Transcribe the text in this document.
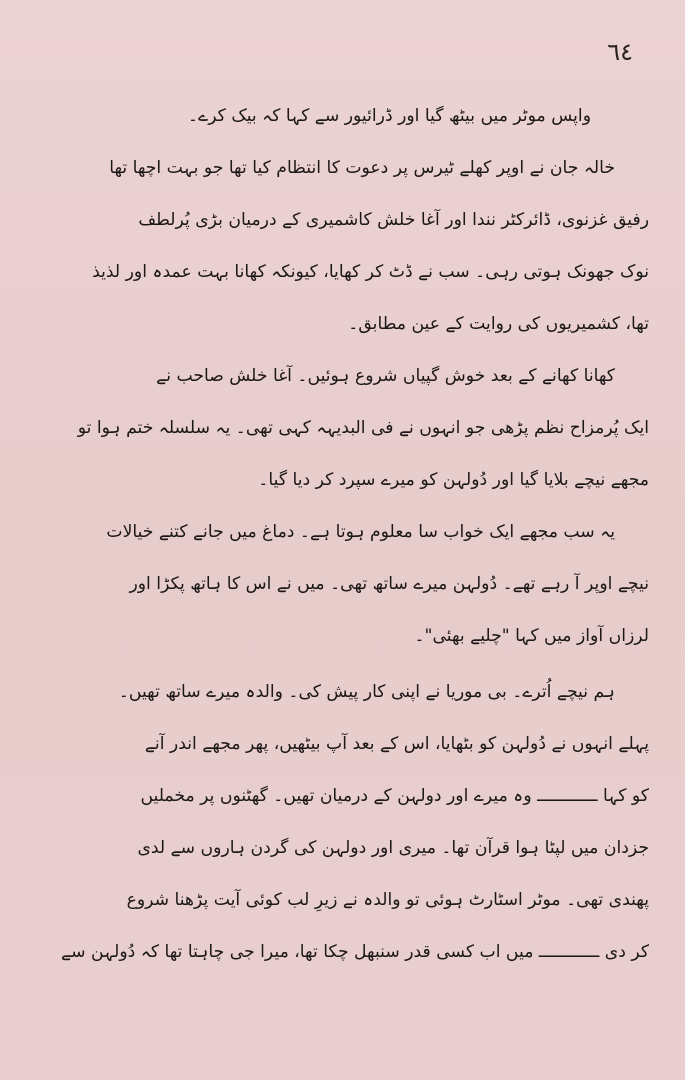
٦٤
واپس موٹر میں بیٹھ گیا اور ڈرائیور سے کہا کہ بیک کرے۔
خالہ جان نے اوپر کھلے ٹیرس پر دعوت کا انتظام کیا تھا جو بہت اچھا تھا
رفیق غزنوی، ڈائرکٹر نندا اور آغا خلش کاشمیری کے درمیان بڑی پُرلطف
نوک جھونک ہوتی رہی۔ سب نے ڈٹ کر کھایا، کیونکہ کھانا بہت عمدہ اور لذیذ
تھا، کشمیریوں کی روایت کے عین مطابق۔
کھانا کھانے کے بعد خوش گپیاں شروع ہوئیں۔ آغا خلش صاحب نے
ایک پُرمزاح نظم پڑھی جو انہوں نے فی البدیہہ کہی تھی۔ یہ سلسلہ ختم ہوا تو
مجھے نیچے بلایا گیا اور دُولہن کو میرے سپرد کر دیا گیا۔
یہ سب مجھے ایک خواب سا معلوم ہوتا ہے۔ دماغ میں جانے کتنے خیالات
نیچے اوپر آ رہے تھے۔ دُولہن میرے ساتھ تھی۔ میں نے اس کا ہاتھ پکڑا اور
لرزاں آواز میں کہا "چلیے بھئی"۔
ہم نیچے اُترے۔ بی موریا نے اپنی کار پیش کی۔ والدہ میرے ساتھ تھیں۔
پہلے انہوں نے دُولہن کو بٹھایا، اس کے بعد آپ بیٹھیں، پھر مجھے اندر آنے
کو کہا ــــــــــــ وہ میرے اور دولہن کے درمیان تھیں۔ گھٹنوں پر مخملیں
جزدان میں لپٹا ہوا قرآن تھا۔ میری اور دولہن کی گردن ہاروں سے لدی
پھندی تھی۔ موٹر اسٹارٹ ہوئی تو والدہ نے زیرِ لب کوئی آیت پڑھنا شروع
کر دی ــــــــــــ میں اب کسی قدر سنبھل چکا تھا، میرا جی چاہتا تھا کہ دُولہن سے
